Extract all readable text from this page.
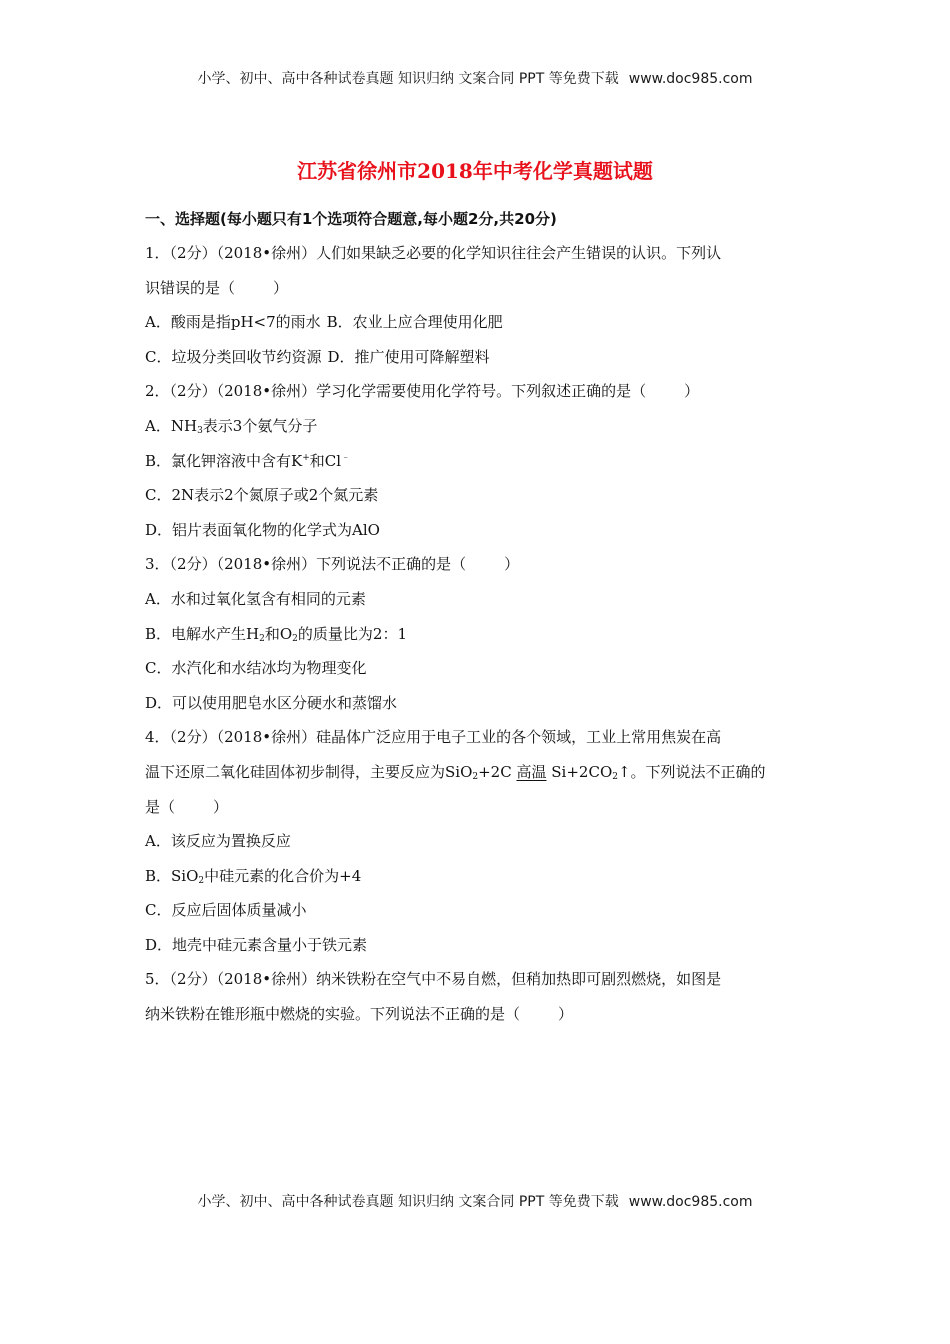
小学、初中、高中各种试卷真题 知识归纳 文案合同 PPT 等免费下载 www.doc985.com
江苏省徐州市2018年中考化学真题试题
一、选择题(每小题只有1个选项符合题意,每小题2分,共20分)
1．（2分）（2018•徐州）人们如果缺乏必要的化学知识往往会产生错误的认识。下列认
识错误的是（	）
A．酸雨是指pH<7的雨水 B．农业上应合理使用化肥
C．垃圾分类回收节约资源 D．推广使用可降解塑料
2．（2分）（2018•徐州）学习化学需要使用化学符号。下列叙述正确的是（	）
A．$NH_3$表示3个氨气分子
B．氯化钾溶液中含有K+和Cl﹣
C．2N表示2个氮原子或2个氮元素
D．铝片表面氧化物的化学式为AlO
3．（2分）（2018•徐州）下列说法不正确的是（	）
A．水和过氧化氢含有相同的元素
B．电解水产生$H_2$和$O_2$的质量比为2：1
C．水汽化和水结冰均为物理变化
D．可以使用肥皂水区分硬水和蒸馏水
4．（2分）（2018•徐州）硅晶体广泛应用于电子工业的各个领域，工业上常用焦炭在高
温下还原二氧化硅固体初步制得，主要反应为SiO$_2$+2C 高温 $Si+2CO_2↑$。下列说法不正确的
是（	）
A．该反应为置换反应
B．SiO$_2$中硅元素的化合价为+4
C．反应后固体质量减小
D．地壳中硅元素含量小于铁元素
5．（2分）（2018•徐州）纳米铁粉在空气中不易自燃，但稍加热即可剧烈燃烧，如图是
纳米铁粉在锥形瓶中燃烧的实验。下列说法不正确的是（	）
小学、初中、高中各种试卷真题 知识归纳 文案合同 PPT 等免费下载 www.doc985.com
